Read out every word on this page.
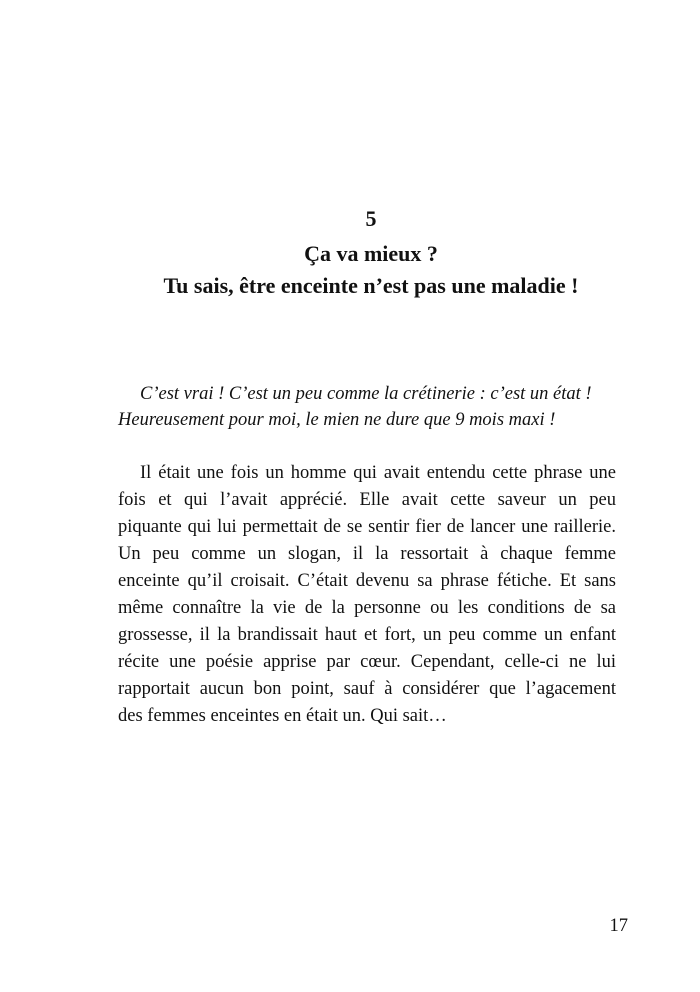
5
Ça va mieux ?
Tu sais, être enceinte n’est pas une maladie !
C’est vrai ! C’est un peu comme la crétinerie : c’est un état !
Heureusement pour moi, le mien ne dure que 9 mois maxi !
Il était une fois un homme qui avait entendu cette phrase une
fois et qui l’avait apprécié. Elle avait cette saveur un peu
piquante qui lui permettait de se sentir fier de lancer une raillerie.
Un peu comme un slogan, il la ressortait à chaque femme
enceinte qu’il croisait. C’était devenu sa phrase fétiche. Et sans
même connaître la vie de la personne ou les conditions de sa
grossesse, il la brandissait haut et fort, un peu comme un enfant
récite une poésie apprise par cœur. Cependant, celle-ci ne lui
rapportait aucun bon point, sauf à considérer que l’agacement
des femmes enceintes en était un. Qui sait…
17
